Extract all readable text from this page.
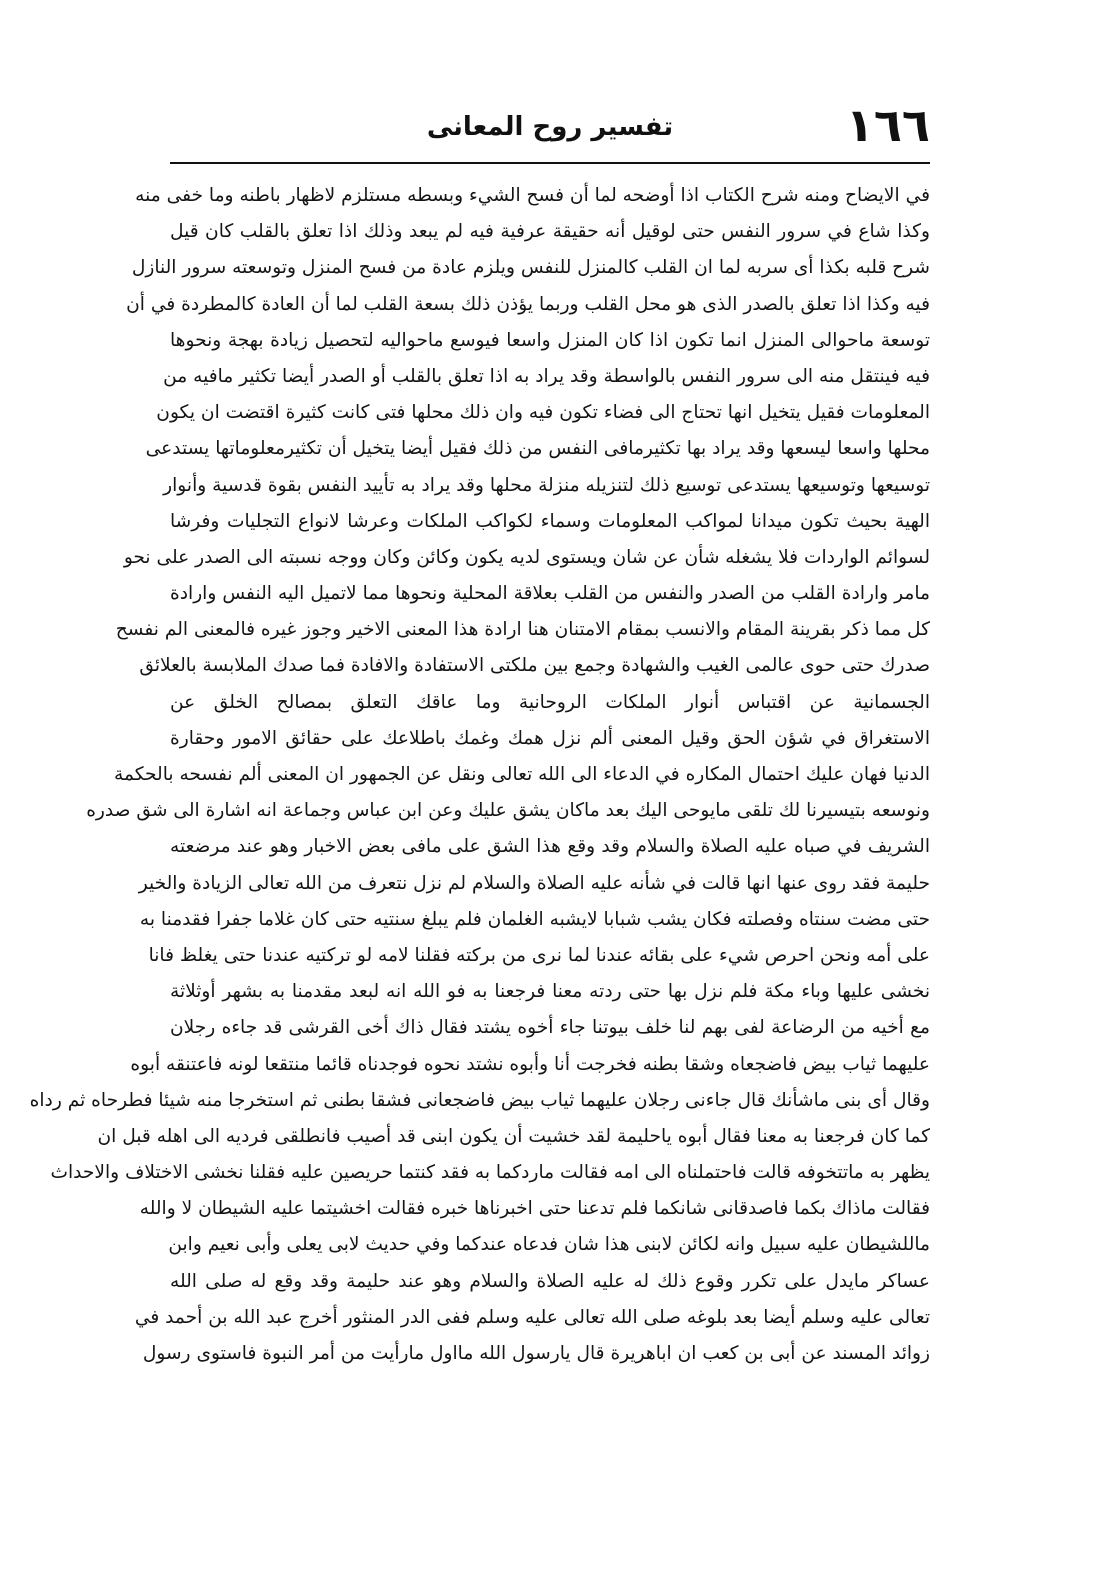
١٦٦
تفسير روح المعانى
في الايضاح ومنه شرح الكتاب اذا أوضحه لما أن فسح الشيء وبسطه مستلزم لاظهار باطنه وما خفى منه
وكذا شاع في سرور النفس حتى لوقيل أنه حقيقة عرفية فيه لم يبعد وذلك اذا تعلق بالقلب كان قيل
شرح قلبه بكذا أى سربه لما ان القلب كالمنزل للنفس ويلزم عادة من فسح المنزل وتوسعته سرور النازل
فيه وكذا اذا تعلق بالصدر الذى هو محل القلب وربما يؤذن ذلك بسعة القلب لما أن العادة كالمطردة في أن
توسعة ماحوالى المنزل انما تكون اذا كان المنزل واسعا فيوسع ماحواليه لتحصيل زيادة بهجة ونحوها
فيه فينتقل منه الى سرور النفس بالواسطة وقد يراد به اذا تعلق بالقلب أو الصدر أيضا تكثير مافيه من
المعلومات فقيل يتخيل انها تحتاج الى فضاء تكون فيه وان ذلك محلها فتى كانت كثيرة اقتضت ان يكون
محلها واسعا ليسعها وقد يراد بها تكثيرمافى النفس من ذلك فقيل أيضا يتخيل أن تكثيرمعلوماتها يستدعى
توسيعها وتوسيعها يستدعى توسيع ذلك لتنزيله منزلة محلها وقد يراد به تأييد النفس بقوة قدسية وأنوار
الهية بحيث تكون ميدانا لمواكب المعلومات وسماء لكواكب الملكات وعرشا لانواع التجليات وفرشا
لسوائم الواردات فلا يشغله شأن عن شان ويستوى لديه يكون وكائن وكان ووجه نسبته الى الصدر على نحو
مامر وارادة القلب من الصدر والنفس من القلب بعلاقة المحلية ونحوها مما لاتميل اليه النفس وارادة
كل مما ذكر بقرينة المقام والانسب بمقام الامتنان هنا ارادة هذا المعنى الاخير وجوز غيره فالمعنى الم نفسح
صدرك حتى حوى عالمى الغيب والشهادة وجمع بين ملكتى الاستفادة والافادة فما صدك الملابسة بالعلائق
الجسمانية عن اقتباس أنوار الملكات الروحانية وما عاقك التعلق بمصالح الخلق عن
الاستغراق في شؤن الحق وقيل المعنى ألم نزل همك وغمك باطلاعك على حقائق الامور وحقارة
الدنيا فهان عليك احتمال المكاره في الدعاء الى الله تعالى ونقل عن الجمهور ان المعنى ألم نفسحه بالحكمة
ونوسعه بتيسيرنا لك تلقى مايوحى اليك بعد ماكان يشق عليك وعن ابن عباس وجماعة انه اشارة الى شق صدره
الشريف في صباه عليه الصلاة والسلام وقد وقع هذا الشق على مافى بعض الاخبار وهو عند مرضعته
حليمة فقد روى عنها انها قالت في شأنه عليه الصلاة والسلام لم نزل نتعرف من الله تعالى الزيادة والخير
حتى مضت سنتاه وفصلته فكان يشب شبابا لايشبه الغلمان فلم يبلغ سنتيه حتى كان غلاما جفرا فقدمنا به
على أمه ونحن احرص شيء على بقائه عندنا لما نرى من بركته فقلنا لامه لو تركتيه عندنا حتى يغلظ فانا
نخشى عليها وباء مكة فلم نزل بها حتى ردته معنا فرجعنا به فو الله انه لبعد مقدمنا به بشهر أوثلاثة
مع أخيه من الرضاعة لفى بهم لنا خلف بيوتنا جاء أخوه يشتد فقال ذاك أخى القرشى قد جاءه رجلان
عليهما ثياب بيض فاضجعاه وشقا بطنه فخرجت أنا وأبوه نشتد نحوه فوجدناه قائما منتقعا لونه فاعتنقه أبوه
وقال أى بنى ماشأنك قال جاءنى رجلان عليهما ثياب بيض فاضجعانى فشقا بطنى ثم استخرجا منه شيئا فطرحاه ثم رداه
كما كان فرجعنا به معنا فقال أبوه ياحليمة لقد خشيت أن يكون ابنى قد أصيب فانطلقى فرديه الى اهله قبل ان
يظهر به ماتتخوفه قالت فاحتملناه الى امه فقالت ماردكما به فقد كنتما حريصين عليه فقلنا نخشى الاختلاف والاحداث
فقالت ماذاك بكما فاصدقانى شانكما فلم تدعنا حتى اخبرناها خبره فقالت اخشيتما عليه الشيطان لا والله
ماللشيطان عليه سبيل وانه لكائن لابنى هذا شان فدعاه عندكما وفي حديث لابى يعلى وأبى نعيم وابن
عساكر مايدل على تكرر وقوع ذلك له عليه الصلاة والسلام وهو عند حليمة وقد وقع له صلى الله
تعالى عليه وسلم أيضا بعد بلوغه صلى الله تعالى عليه وسلم ففى الدر المنثور أخرج عبد الله بن أحمد في
زوائد المسند عن أبى بن كعب ان اباهريرة قال يارسول الله مااول مارأيت من أمر النبوة فاستوى رسول
